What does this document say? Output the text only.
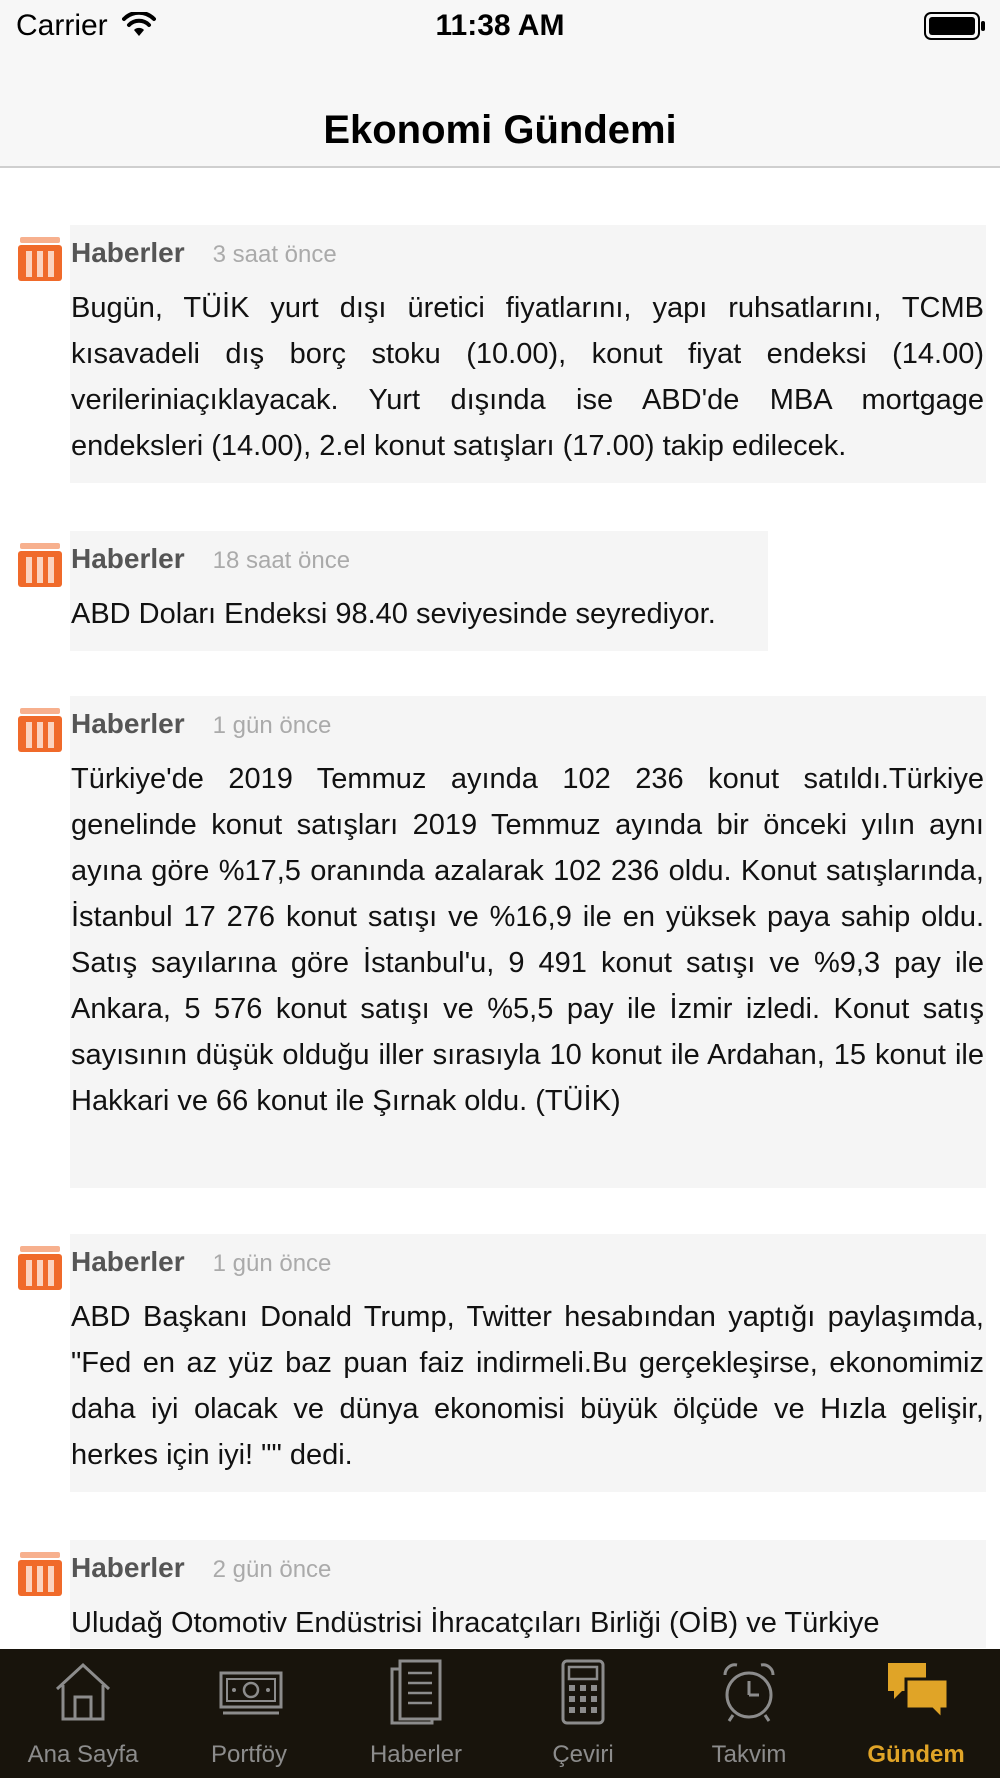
Carrier	11:38 AM
Ekonomi Gündemi
Haberler 3 saat önce
Bugün, TÜİK yurt dışı üretici fiyatlarını, yapı ruhsatlarını, TCMB kısavadeli dış borç stoku (10.00), konut fiyat endeksi (14.00) verileriniaçıklayacak. Yurt dışında ise ABD'de MBA mortgage endeksleri (14.00), 2.el konut satışları (17.00) takip edilecek.
Haberler 18 saat önce
ABD Doları Endeksi 98.40 seviyesinde seyrediyor.
Haberler 1 gün önce
Türkiye'de 2019 Temmuz ayında 102 236 konut satıldı.Türkiye genelinde konut satışları 2019 Temmuz ayında bir önceki yılın aynı ayına göre %17,5 oranında azalarak 102 236 oldu. Konut satışlarında, İstanbul 17 276 konut satışı ve %16,9 ile en yüksek paya sahip oldu. Satış sayılarına göre İstanbul'u, 9 491 konut satışı ve %9,3 pay ile Ankara, 5 576 konut satışı ve %5,5 pay ile İzmir izledi. Konut satış sayısının düşük olduğu iller sırasıyla 10 konut ile Ardahan, 15 konut ile Hakkari ve 66 konut ile Şırnak oldu. (TÜİK)
Haberler 1 gün önce
ABD Başkanı Donald Trump, Twitter hesabından yaptığı paylaşımda, "Fed en az yüz baz puan faiz indirmeli.Bu gerçekleşirse, ekonomimiz daha iyi olacak ve dünya ekonomisi büyük ölçüde ve Hızla gelişir, herkes için iyi! "" dedi.
Haberler 2 gün önce
Uludağ Otomotiv Endüstrisi İhracatçıları Birliği (OİB) ve Türkiye
Ana Sayfa	Portföy	Haberler	Çeviri	Takvim	Gündem
